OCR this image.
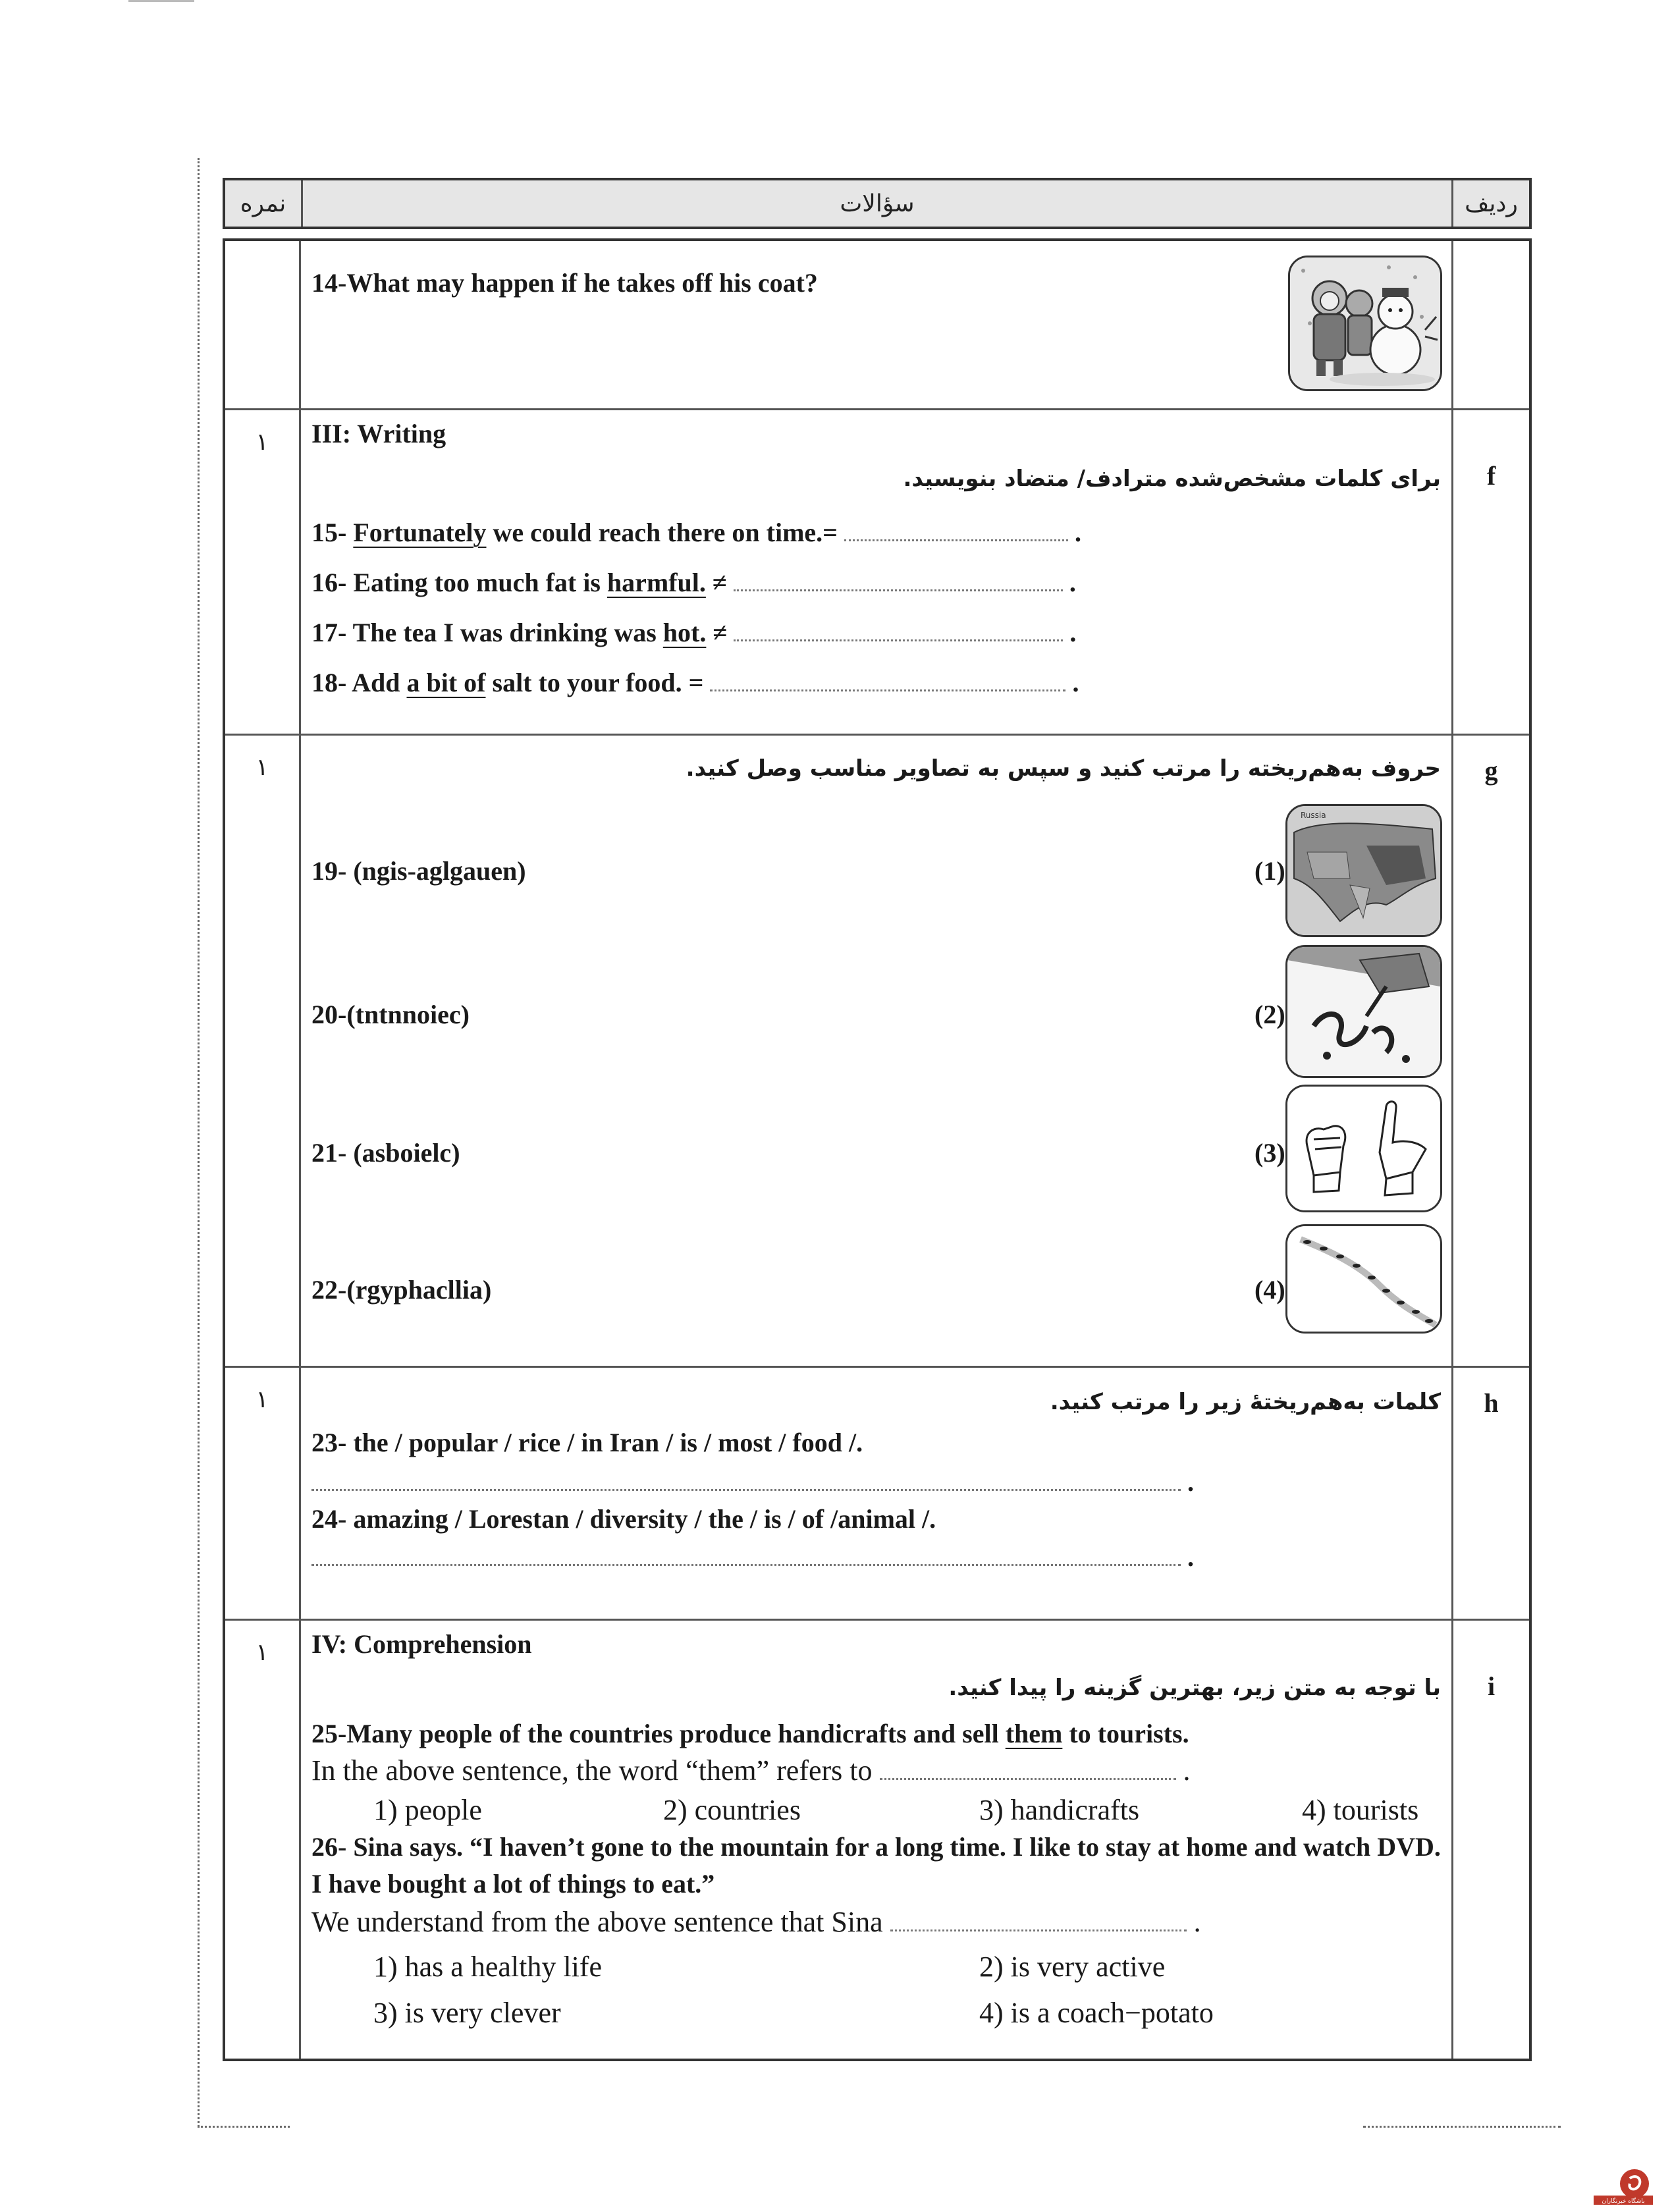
نمره	سؤالات	ردیف
14-What may happen if he takes off his coat?
۱	III: Writing
برای کلمات مشخص‌شده مترادف/ متضاد بنویسید.
15- Fortunately we could reach there on time.=	.
16- Eating too much fat is harmful. ≠	.
17- The tea I was drinking was hot. ≠	.
18- Add a bit of salt to your food. =	.
f
۱	حروف به‌هم‌ریخته را مرتب کنید و سپس به تصاویر مناسب وصل کنید.
19- (ngis-aglgauen)	(1)
Russia
20-(tntnnoiec)	(2)
21- (asboielc)	(3)
22-(rgyphacllia)	(4)
g
۱	کلمات به‌هم‌ریختهٔ زیر را مرتب کنید.
23- the / popular / rice / in Iran / is / most / food /.
.
24- amazing / Lorestan / diversity / the / is / of /animal /.
.
h
۱	IV: Comprehension
با توجه به متن زیر، بهترین گزینه را پیدا کنید.
25-Many people of the countries produce handicrafts and sell them to tourists.
In the above sentence, the word “them” refers to	.
1) people	2) countries	3) handicrafts	4) tourists
26- Sina says. “I haven’t gone to the mountain for a long time. I like to stay at home and watch DVD.
I have bought a lot of things to eat.”
We understand from the above sentence that Sina	.
1) has a healthy life	2) is very active
3) is very clever	4) is a coach−potato
i
باشگاه خبرنگاران
